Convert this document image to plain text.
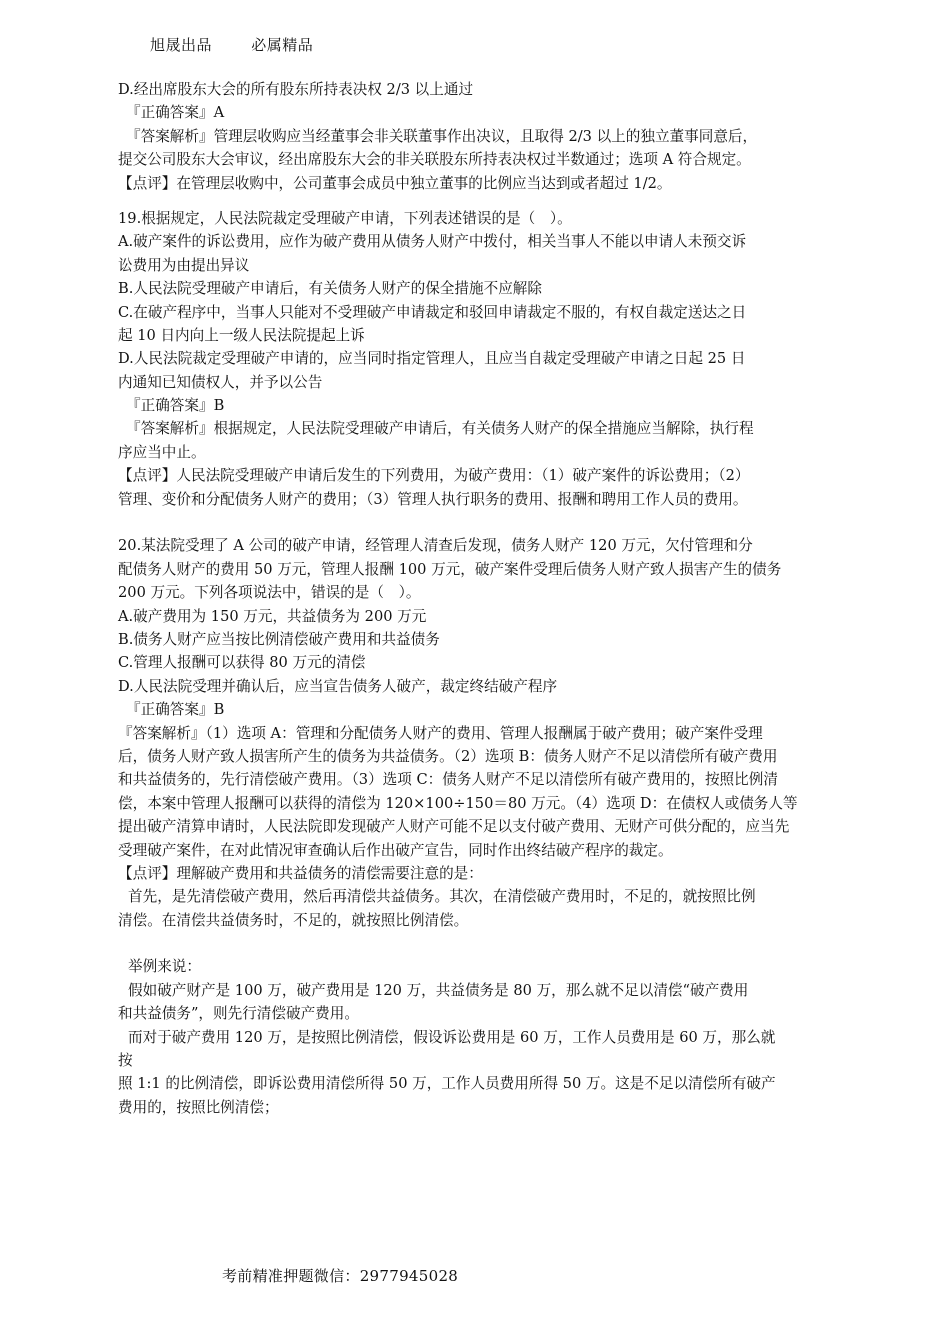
旭晟出品	必属精品
D.经出席股东大会的所有股东所持表决权 2/3 以上通过
『正确答案』A
『答案解析』管理层收购应当经董事会非关联董事作出决议，且取得 2/3 以上的独立董事同意后，
提交公司股东大会审议，经出席股东大会的非关联股东所持表决权过半数通过；选项 A 符合规定。
【点评】在管理层收购中，公司董事会成员中独立董事的比例应当达到或者超过 1/2。
19.根据规定，人民法院裁定受理破产申请，下列表述错误的是（　）。
A.破产案件的诉讼费用，应作为破产费用从债务人财产中拨付，相关当事人不能以申请人未预交诉
讼费用为由提出异议
B.人民法院受理破产申请后，有关债务人财产的保全措施不应解除
C.在破产程序中，当事人只能对不受理破产申请裁定和驳回申请裁定不服的，有权自裁定送达之日
起 10 日内向上一级人民法院提起上诉
D.人民法院裁定受理破产申请的，应当同时指定管理人，且应当自裁定受理破产申请之日起 25 日
内通知已知债权人，并予以公告
『正确答案』B
『答案解析』根据规定，人民法院受理破产申请后，有关债务人财产的保全措施应当解除，执行程
序应当中止。
【点评】人民法院受理破产申请后发生的下列费用，为破产费用：（1）破产案件的诉讼费用；（2）
管理、变价和分配债务人财产的费用；（3）管理人执行职务的费用、报酬和聘用工作人员的费用。
20.某法院受理了 A 公司的破产申请，经管理人清查后发现，债务人财产 120 万元，欠付管理和分
配债务人财产的费用 50 万元，管理人报酬 100 万元，破产案件受理后债务人财产致人损害产生的债务
200 万元。下列各项说法中，错误的是（　）。
A.破产费用为 150 万元，共益债务为 200 万元
B.债务人财产应当按比例清偿破产费用和共益债务
C.管理人报酬可以获得 80 万元的清偿
D.人民法院受理并确认后，应当宣告债务人破产，裁定终结破产程序
『正确答案』B
『答案解析』（1）选项 A：管理和分配债务人财产的费用、管理人报酬属于破产费用；破产案件受理
后，债务人财产致人损害所产生的债务为共益债务。（2）选项 B：债务人财产不足以清偿所有破产费用
和共益债务的，先行清偿破产费用。（3）选项 C：债务人财产不足以清偿所有破产费用的，按照比例清
偿，本案中管理人报酬可以获得的清偿为 120×100÷150＝80 万元。（4）选项 D：在债权人或债务人等
提出破产清算申请时，人民法院即发现破产人财产可能不足以支付破产费用、无财产可供分配的，应当先
受理破产案件，在对此情况审查确认后作出破产宣告，同时作出终结破产程序的裁定。
【点评】理解破产费用和共益债务的清偿需要注意的是：
首先，是先清偿破产费用，然后再清偿共益债务。其次，在清偿破产费用时，不足的，就按照比例
清偿。在清偿共益债务时，不足的，就按照比例清偿。
举例来说：
假如破产财产是 100 万，破产费用是 120 万，共益债务是 80 万，那么就不足以清偿“破产费用
和共益债务”，则先行清偿破产费用。
而对于破产费用 120 万，是按照比例清偿，假设诉讼费用是 60 万，工作人员费用是 60 万，那么就
按
照 1:1 的比例清偿，即诉讼费用清偿所得 50 万，工作人员费用所得 50 万。这是不足以清偿所有破产
费用的，按照比例清偿；
考前精准押题微信：2977945028
